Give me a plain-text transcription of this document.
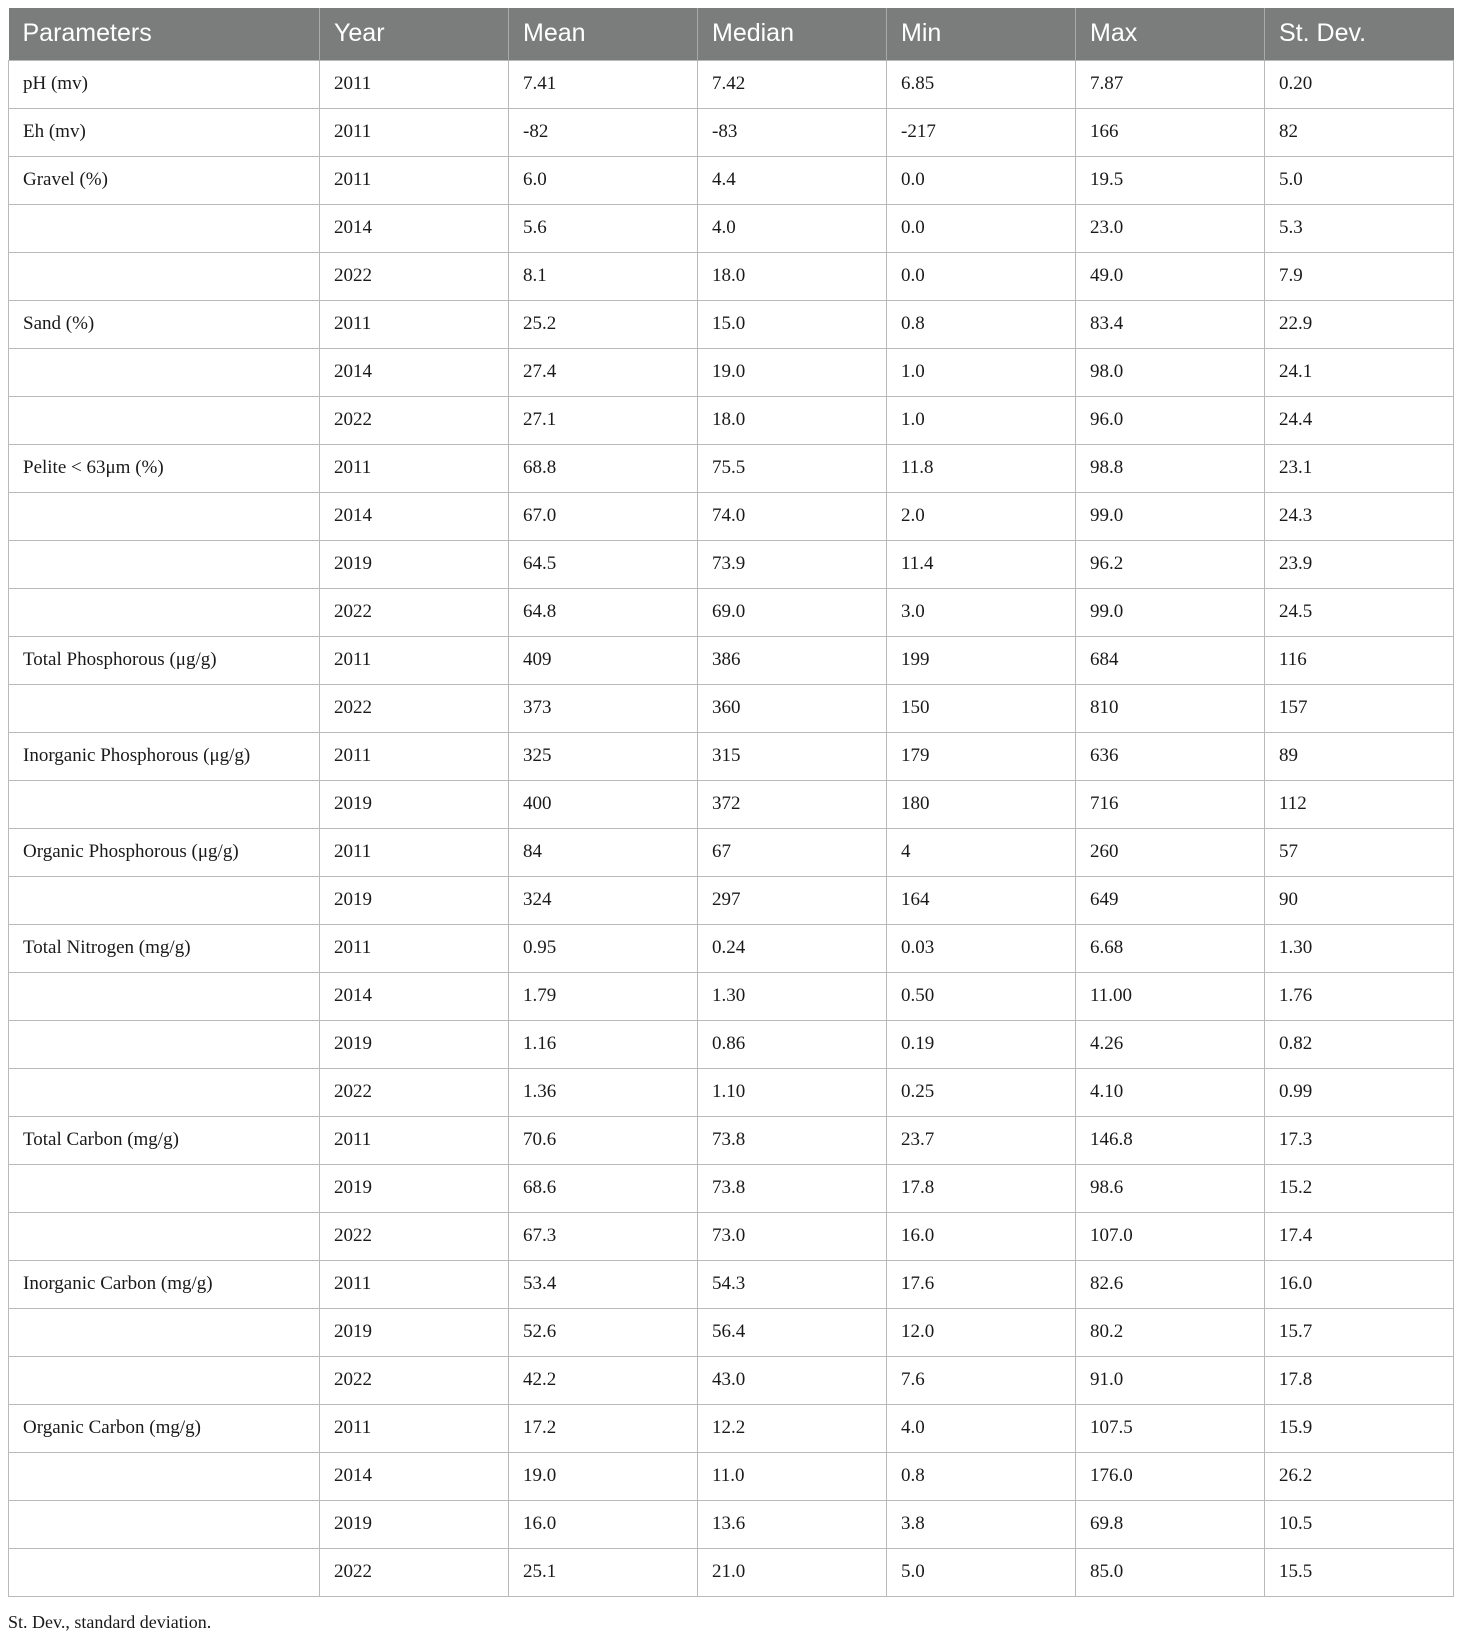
Parameters	Year	Mean	Median	Min	Max	St. Dev.
pH (mv)	2011	7.41	7.42	6.85	7.87	0.20
Eh (mv)	2011	-82	-83	-217	166	82
Gravel (%)	2011	6.0	4.4	0.0	19.5	5.0
	2014	5.6	4.0	0.0	23.0	5.3
	2022	8.1	18.0	0.0	49.0	7.9
Sand (%)	2011	25.2	15.0	0.8	83.4	22.9
	2014	27.4	19.0	1.0	98.0	24.1
	2022	27.1	18.0	1.0	96.0	24.4
Pelite < 63μm (%)	2011	68.8	75.5	11.8	98.8	23.1
	2014	67.0	74.0	2.0	99.0	24.3
	2019	64.5	73.9	11.4	96.2	23.9
	2022	64.8	69.0	3.0	99.0	24.5
Total Phosphorous (μg/g)	2011	409	386	199	684	116
	2022	373	360	150	810	157
Inorganic Phosphorous (μg/g)	2011	325	315	179	636	89
	2019	400	372	180	716	112
Organic Phosphorous (μg/g)	2011	84	67	4	260	57
	2019	324	297	164	649	90
Total Nitrogen (mg/g)	2011	0.95	0.24	0.03	6.68	1.30
	2014	1.79	1.30	0.50	11.00	1.76
	2019	1.16	0.86	0.19	4.26	0.82
	2022	1.36	1.10	0.25	4.10	0.99
Total Carbon (mg/g)	2011	70.6	73.8	23.7	146.8	17.3
	2019	68.6	73.8	17.8	98.6	15.2
	2022	67.3	73.0	16.0	107.0	17.4
Inorganic Carbon (mg/g)	2011	53.4	54.3	17.6	82.6	16.0
	2019	52.6	56.4	12.0	80.2	15.7
	2022	42.2	43.0	7.6	91.0	17.8
Organic Carbon (mg/g)	2011	17.2	12.2	4.0	107.5	15.9
	2014	19.0	11.0	0.8	176.0	26.2
	2019	16.0	13.6	3.8	69.8	10.5
	2022	25.1	21.0	5.0	85.0	15.5
St. Dev., standard deviation.
